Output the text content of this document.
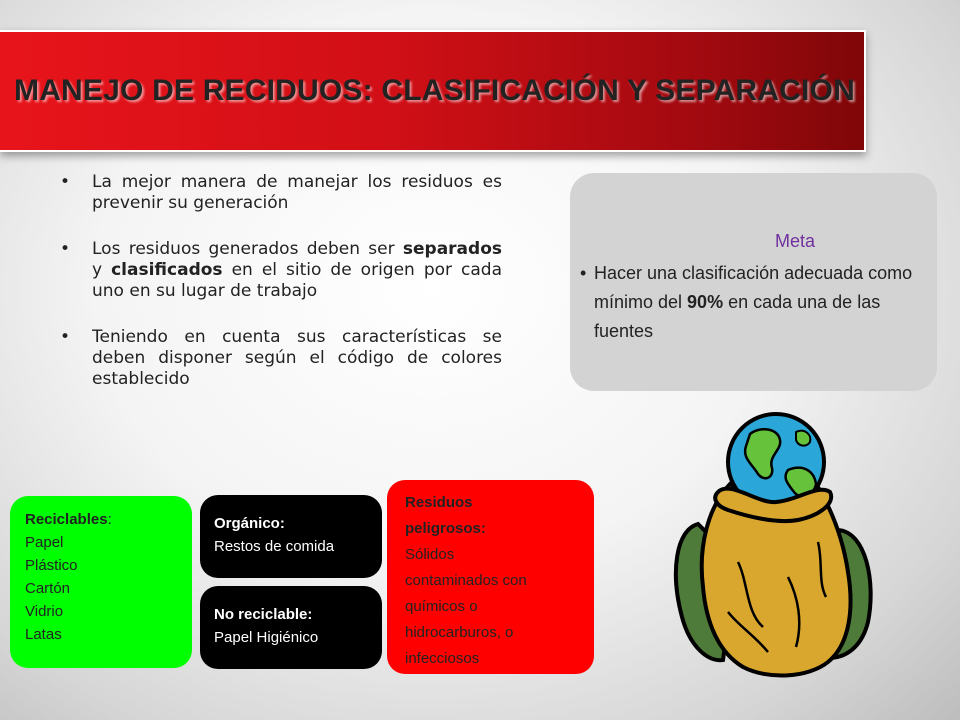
MANEJO DE RECIDUOS: CLASIFICACIÓN Y SEPARACIÓN
• La mejor manera de manejar los residuos es prevenir su generación
• Los residuos generados deben ser separados y clasificados en el sitio de origen por cada uno en su lugar de trabajo
• Teniendo en cuenta sus características se deben disponer según el código de colores establecido
Meta
• Hacer una clasificación adecuada como mínimo del 90% en cada una de las fuentes
Reciclables:
Papel
Plástico
Cartón
Vidrio
Latas
Orgánico:
Restos de comida
No reciclable:
Papel Higiénico
Residuos
peligrosos:
Sólidos
contaminados con
químicos o
hidrocarburos, o
infecciosos
